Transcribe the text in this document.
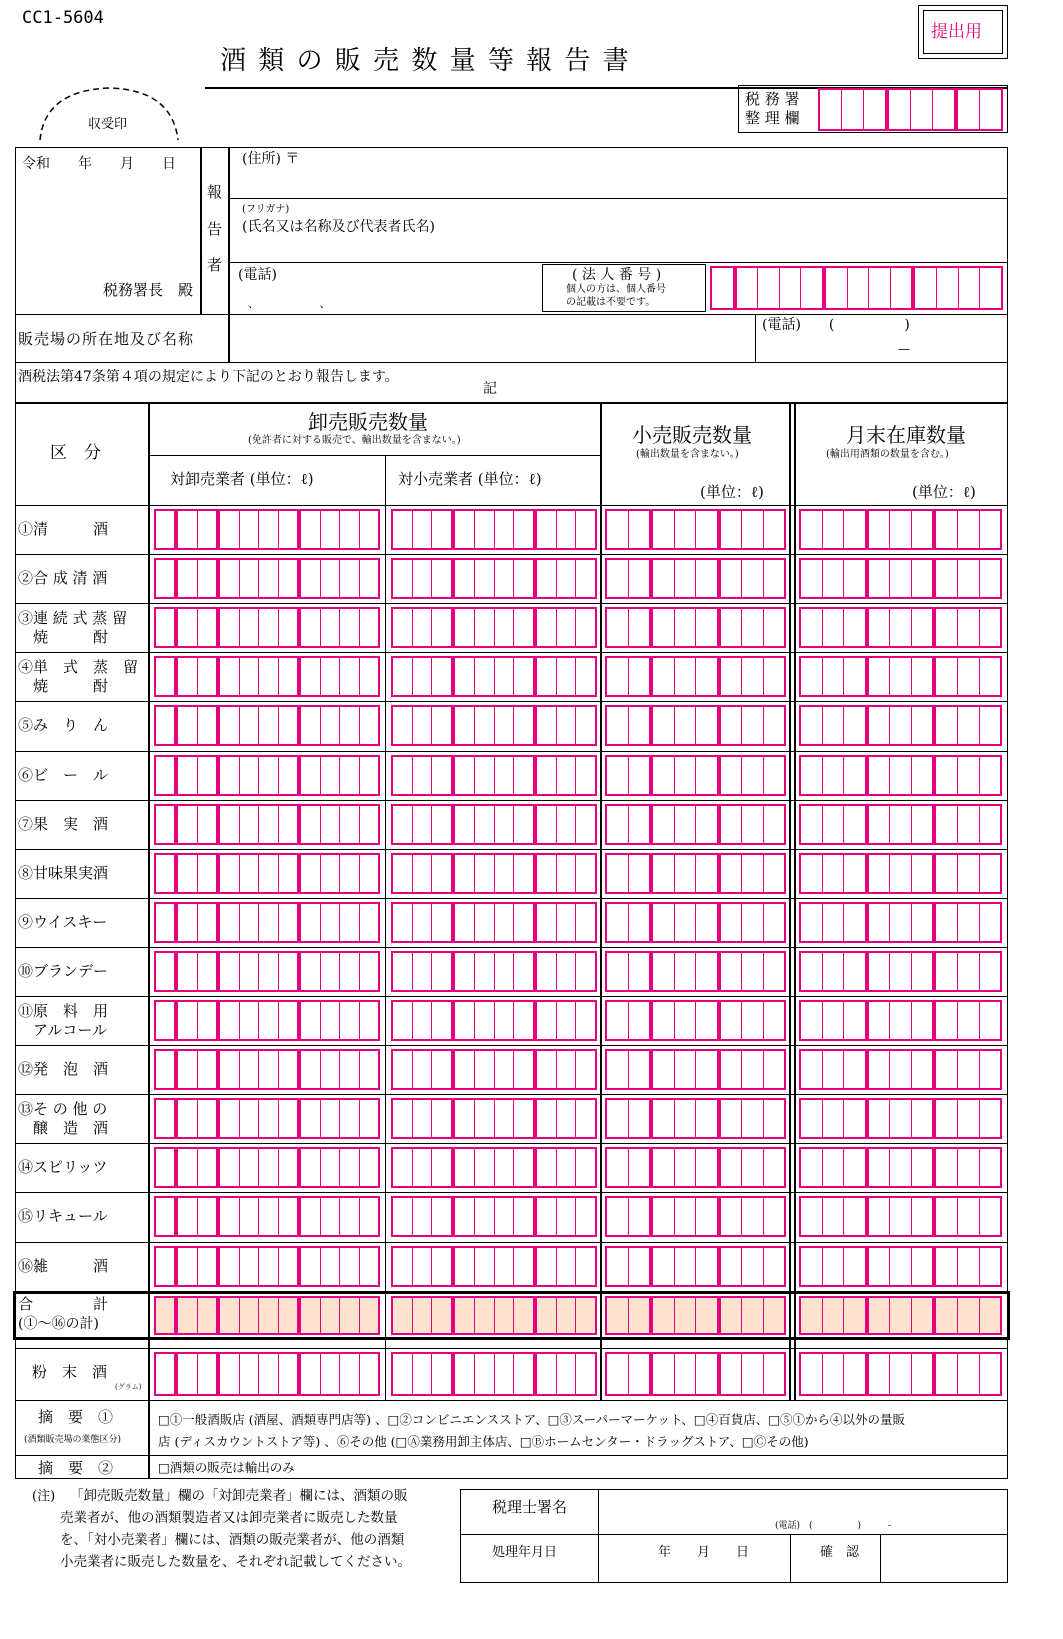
CC1-5604
提出用
酒 類 の 販 売 数 量 等 報 告 書
収受印
税 務 署
整 理 欄
令和　　年　　月　　日
税務署長　殿
報
告
者
(住所) 〒
(フリガナ)
(氏名又は名称及び代表者氏名)
(電話)
、　　　　　　、
( 法 人 番 号 )
個人の方は、個人番号
の記載は不要です。
販売場の所在地及び名称
(電話)　　(　　　　　)
—
酒税法第47条第４項の規定により下記のとおり報告します。
記
区　分
卸売販売数量
(免許者に対する販売で、輸出数量を含まない。)
対卸売業者 (単位：ℓ)	対小売業者 (単位：ℓ)
小売販売数量
(輸出数量を含まない。)
(単位：ℓ)
月末在庫数量
(輸出用酒類の数量を含む。)
(単位：ℓ)
①清　　　酒
②合 成 清 酒
③連 続 式 蒸 留
　焼　　　酎
④単　式　蒸　留
　焼　　　酎
⑤み　り　ん
⑥ビ　ー　ル
⑦果　実　酒
⑧甘味果実酒
⑨ウイスキー
⑩ブランデー
⑪原　料　用
　アルコール
⑫発　泡　酒
⑬そ の 他 の
　醸　造　酒
⑭スピリッツ
⑮リキュール
⑯雑　　　酒
合　　　　計
(①～⑯の計)
粉　末　酒
(グラム)
摘　要　①
(酒類販売場の業態区分)
□①一般酒販店 (酒屋、酒類専門店等) 、□②コンビニエンスストア、□③スーパーマーケット、□④百貨店、□⑤①から④以外の量販
店 (ディスカウントストア等) 、⑥その他 (□Ⓐ業務用卸主体店、□Ⓑホームセンター・ドラッグストア、□Ⓒその他)
摘　要　②	□酒類の販売は輸出のみ
(注) 「卸売販売数量」欄の「対卸売業者」欄には、酒類の販
売業者が、他の酒類製造者又は卸売業者に販売した数量
を、「対小売業者」欄には、酒類の販売業者が、他の酒類
小売業者に販売した数量を、それぞれ記載してください。
税理士署名
(電話)　(　　　　　)　　　-
処理年月日	年　　月　　日	確　認
